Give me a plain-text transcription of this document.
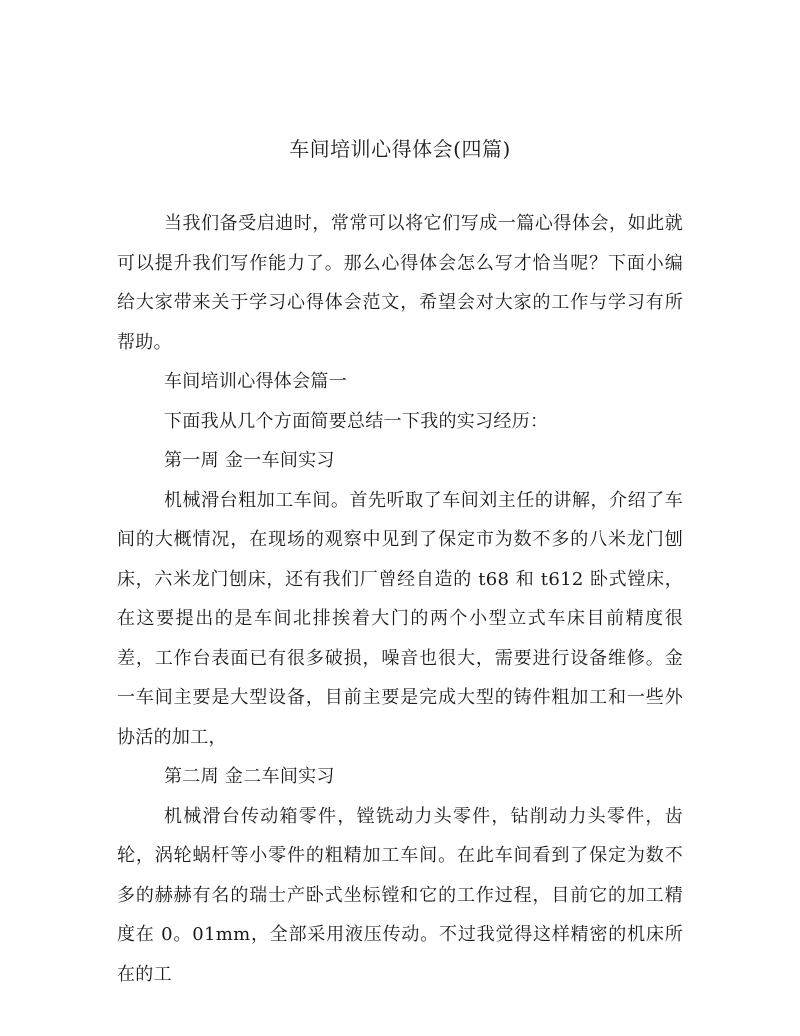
车间培训心得体会(四篇)

当我们备受启迪时，常常可以将它们写成一篇心得体会，如此就可以提升我们写作能力了。那么心得体会怎么写才恰当呢？下面小编给大家带来关于学习心得体会范文，希望会对大家的工作与学习有所帮助。

车间培训心得体会篇一

下面我从几个方面简要总结一下我的实习经历：

第一周 金一车间实习

机械滑台粗加工车间。首先听取了车间刘主任的讲解，介绍了车间的大概情况，在现场的观察中见到了保定市为数不多的八米龙门刨床，六米龙门刨床，还有我们厂曾经自造的 t68 和 t612 卧式镗床，在这要提出的是车间北排挨着大门的两个小型立式车床目前精度很差，工作台表面已有很多破损，噪音也很大，需要进行设备维修。金一车间主要是大型设备，目前主要是完成大型的铸件粗加工和一些外协活的加工，

第二周 金二车间实习

机械滑台传动箱零件，镗铣动力头零件，钻削动力头零件，齿轮，涡轮蜗杆等小零件的粗精加工车间。在此车间看到了保定为数不多的赫赫有名的瑞士产卧式坐标镗和它的工作过程，目前它的加工精度在 0。01mm，全部采用液压传动。不过我觉得这样精密的机床所在的工
